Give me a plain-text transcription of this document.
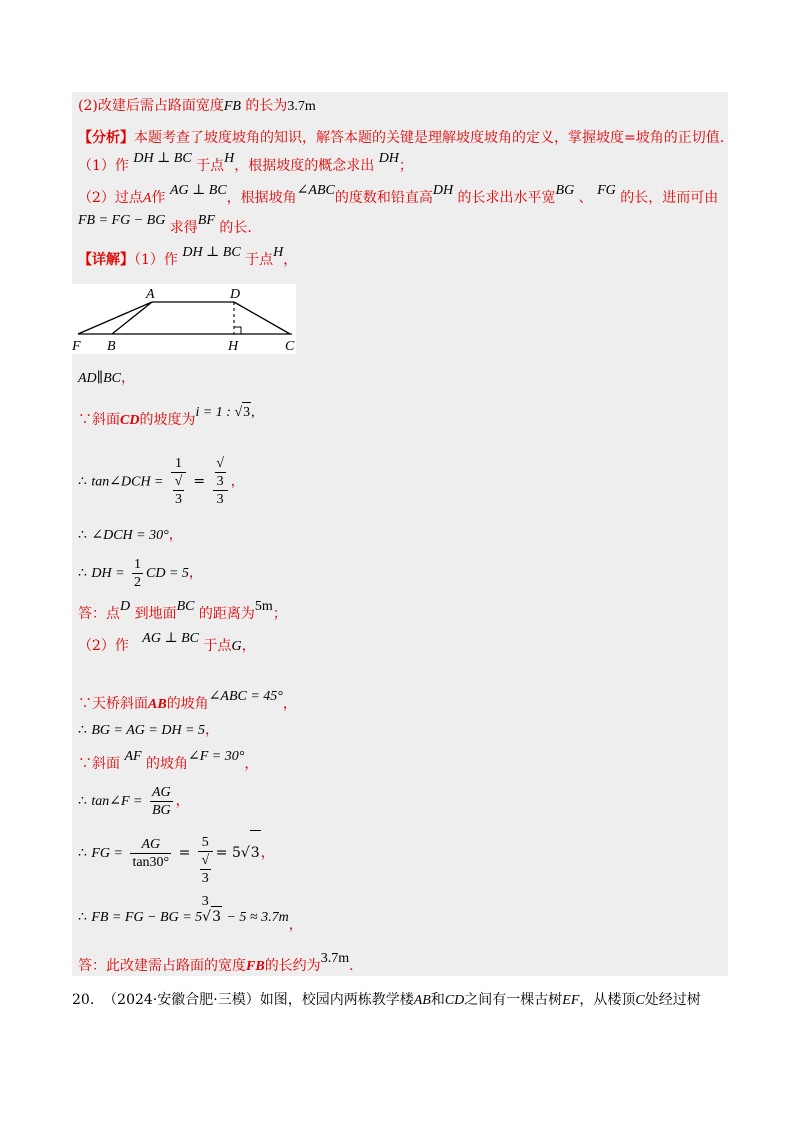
(2)改建后需占路面宽度FB 的长为3.7m
【分析】本题考查了坡度坡角的知识，解答本题的关键是理解坡度坡角的定义，掌握坡度=坡角的正切值.
（1）作 DH ⊥ BC 于点H，根据坡度的概念求出 DH；
（2）过点A作 AG ⊥ BC，根据坡角∠ABC的度数和铅直高DH 的长求出水平宽BG 、 FG 的长，进而可由
FB = FG − BG 求得BF 的长.
【详解】（1）作 DH ⊥ BC 于点H，
A	D
F B	H	C
AD∥BC，
∵斜面CD的坡度为i = 1 : √3,
∴ tan∠DCH = 1
√
3 = √
3
3 ，
∴ ∠DCH = 30°，
∴ DH = $\frac{1}{2}$ CD = 5，
答：点D 到地面BC 的距离为5m；
（2）作 AG ⊥ BC 于点G，
∵天桥斜面AB的坡角∠ABC = 45°，
∴ BG = AG = DH = 5，
∵斜面 AF 的坡角∠F = 30°，
∴ tan∠F = $\frac{AG}{BG}$ ，
∴ FG = $\frac{AG}{\tan 30^\circ}$ =
5
√
3
3
= 5√3，
∴ FB = FG − BG = 5√3 − 5 ≈ 3.7m，
答：此改建需占路面的宽度FB的长约为3.7m.
20. （2024·安徽合肥·三模）如图，校园内两栋教学楼AB和CD之间有一棵古树EF，从楼顶C处经过树
